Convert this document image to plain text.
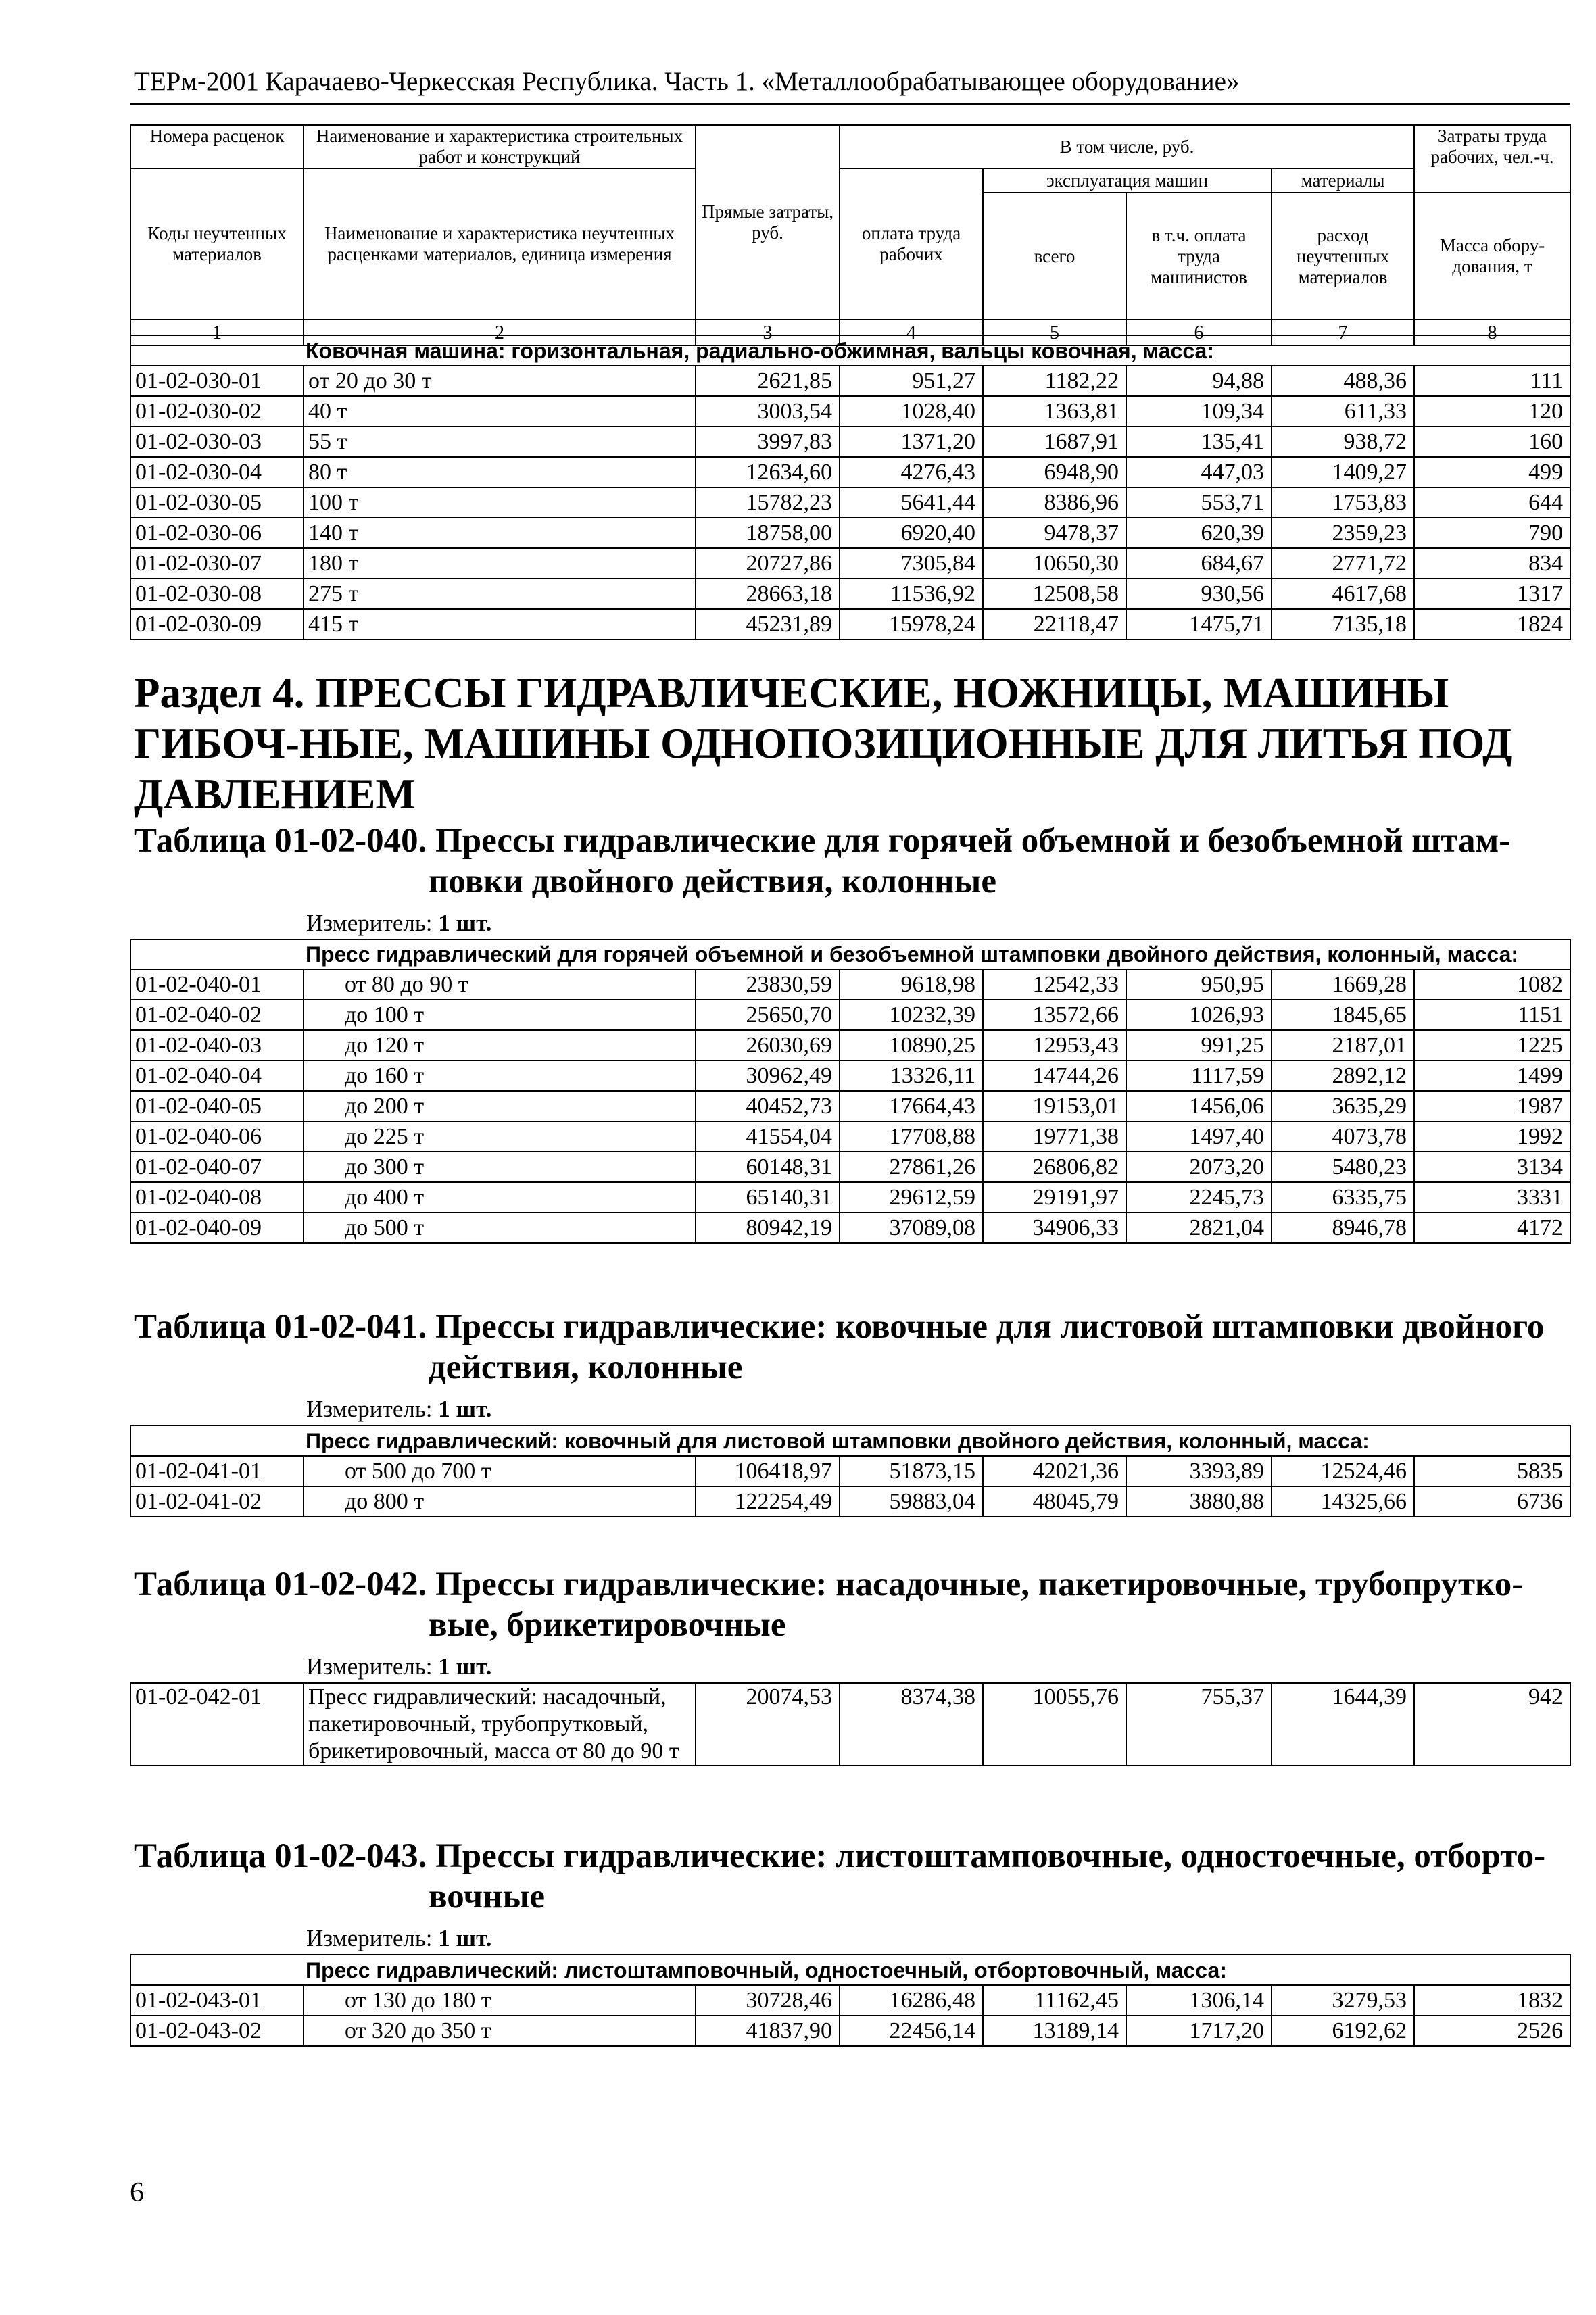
ТЕРм-2001 Карачаево-Черкесская Республика. Часть 1. «Металлообрабатывающее оборудование»
Номера расценок	Наименование и характеристика строительных работ и конструкций	Прямые затраты, руб.	В том числе, руб.				Затраты труда рабочих, чел.-ч.
Коды неучтенных материалов	Наименование и характеристика неучтенных расценками материалов, единица измерения		оплата труда рабочих	эксплуатация машин		материалы	
				всего	в т.ч. оплата труда машинистов	расход неучтенных материалов	Масса обору-дования, т
1	2	3	4	5	6	7	8
Ковочная машина: горизонтальная, радиально-обжимная, вальцы ковочная, масса:							
01-02-030-01	от 20 до 30 т	2621,85	951,27	1182,22	94,88	488,36	111
01-02-030-02	40 т	3003,54	1028,40	1363,81	109,34	611,33	120
01-02-030-03	55 т	3997,83	1371,20	1687,91	135,41	938,72	160
01-02-030-04	80 т	12634,60	4276,43	6948,90	447,03	1409,27	499
01-02-030-05	100 т	15782,23	5641,44	8386,96	553,71	1753,83	644
01-02-030-06	140 т	18758,00	6920,40	9478,37	620,39	2359,23	790
01-02-030-07	180 т	20727,86	7305,84	10650,30	684,67	2771,72	834
01-02-030-08	275 т	28663,18	11536,92	12508,58	930,56	4617,68	1317
01-02-030-09	415 т	45231,89	15978,24	22118,47	1475,71	7135,18	1824
Раздел 4. ПРЕССЫ ГИДРАВЛИЧЕСКИЕ, НОЖНИЦЫ, МАШИНЫ ГИБОЧ-НЫЕ, МАШИНЫ ОДНОПОЗИЦИОННЫЕ ДЛЯ ЛИТЬЯ ПОД ДАВЛЕНИЕМ
Таблица 01-02-040. Прессы гидравлические для горячей объемной и безобъемной штам-
повки двойного действия, колонные
Измеритель: 1 шт.
Пресс гидравлический для горячей объемной и безобъемной штамповки двойного действия, колонный, масса:							
01-02-040-01	от 80 до 90 т	23830,59	9618,98	12542,33	950,95	1669,28	1082
01-02-040-02	до 100 т	25650,70	10232,39	13572,66	1026,93	1845,65	1151
01-02-040-03	до 120 т	26030,69	10890,25	12953,43	991,25	2187,01	1225
01-02-040-04	до 160 т	30962,49	13326,11	14744,26	1117,59	2892,12	1499
01-02-040-05	до 200 т	40452,73	17664,43	19153,01	1456,06	3635,29	1987
01-02-040-06	до 225 т	41554,04	17708,88	19771,38	1497,40	4073,78	1992
01-02-040-07	до 300 т	60148,31	27861,26	26806,82	2073,20	5480,23	3134
01-02-040-08	до 400 т	65140,31	29612,59	29191,97	2245,73	6335,75	3331
01-02-040-09	до 500 т	80942,19	37089,08	34906,33	2821,04	8946,78	4172
Таблица 01-02-041. Прессы гидравлические: ковочные для листовой штамповки двойного
действия, колонные
Измеритель: 1 шт.
Пресс гидравлический: ковочный для листовой штамповки двойного действия, колонный, масса:							
01-02-041-01	от 500 до 700 т	106418,97	51873,15	42021,36	3393,89	12524,46	5835
01-02-041-02	до 800 т	122254,49	59883,04	48045,79	3880,88	14325,66	6736
Таблица 01-02-042. Прессы гидравлические: насадочные, пакетировочные, трубопрутко-
вые, брикетировочные
Измеритель: 1 шт.
01-02-042-01	Пресс гидравлический: насадочный, пакетировочный, трубопрутковый, брикетировочный, масса от 80 до 90 т	20074,53	8374,38	10055,76	755,37	1644,39	942
Таблица 01-02-043. Прессы гидравлические: листоштамповочные, одностоечные, отборто-
вочные
Измеритель: 1 шт.
Пресс гидравлический: листоштамповочный, одностоечный, отбортовочный, масса:							
01-02-043-01	от 130 до 180 т	30728,46	16286,48	11162,45	1306,14	3279,53	1832
01-02-043-02	от 320 до 350 т	41837,90	22456,14	13189,14	1717,20	6192,62	2526
6
